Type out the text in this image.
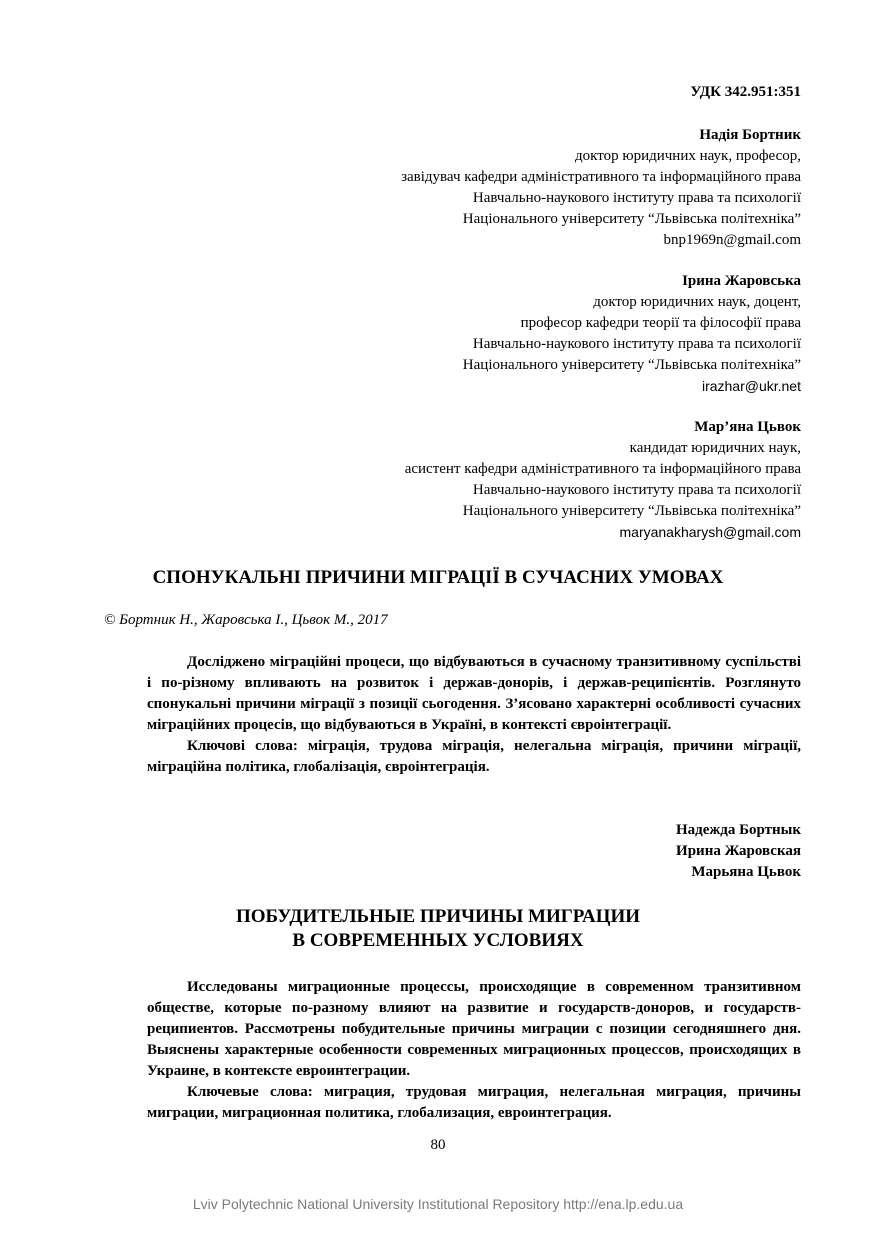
УДК 342.951:351
Надія Бортник
доктор юридичних наук, професор,
завідувач кафедри адміністративного та інформаційного права
Навчально-наукового інституту права та психології
Національного університету “Львівська політехніка”
bnp1969n@gmail.com
Ірина Жаровська
доктор юридичних наук, доцент,
професор кафедри теорії та філософії права
Навчально-наукового інституту права та психології
Національного університету “Львівська політехніка”
irazhar@ukr.net
Мар’яна Цьвок
кандидат юридичних наук,
асистент кафедри адміністративного та інформаційного права
Навчально-наукового інституту права та психології
Національного університету “Львівська політехніка”
maryanakharysh@gmail.com
СПОНУКАЛЬНІ ПРИЧИНИ МІГРАЦІЇ В СУЧАСНИХ УМОВАХ
© Бортник Н., Жаровська І., Цьвок М., 2017

Досліджено міграційні процеси, що відбуваються в сучасному транзитивному суспільстві і по-різному впливають на розвиток і держав-донорів, і держав-реципієнтів. Розглянуто спонукальні причини міграції з позиції сьогодення. З’ясовано характерні особливості сучасних міграційних процесів, що відбуваються в Україні, в контексті євроінтеграції.

Ключові слова: міграція, трудова міграція, нелегальна міграція, причини міграції, міграційна політика, глобалізація, євроінтеграція.

Надежда Бортнык
Ирина Жаровская
Марьяна Цьвок
ПОБУДИТЕЛЬНЫЕ ПРИЧИНЫ МИГРАЦИИ
В СОВРЕМЕННЫХ УСЛОВИЯХ

Исследованы миграционные процессы, происходящие в современном транзитивном обществе, которые по-разному влияют на развитие и государств-доноров, и государств-реципиентов. Рассмотрены побудительные причины миграции с позиции сегодняшнего дня. Выяснены характерные особенности современных миграционных процессов, происходящих в Украине, в контексте евроинтеграции.

Ключевые слова: миграция, трудовая миграция, нелегальная миграция, причины миграции, миграционная политика, глобализация, евроинтеграция.

80
Lviv Polytechnic National University Institutional Repository http://ena.lp.edu.ua
